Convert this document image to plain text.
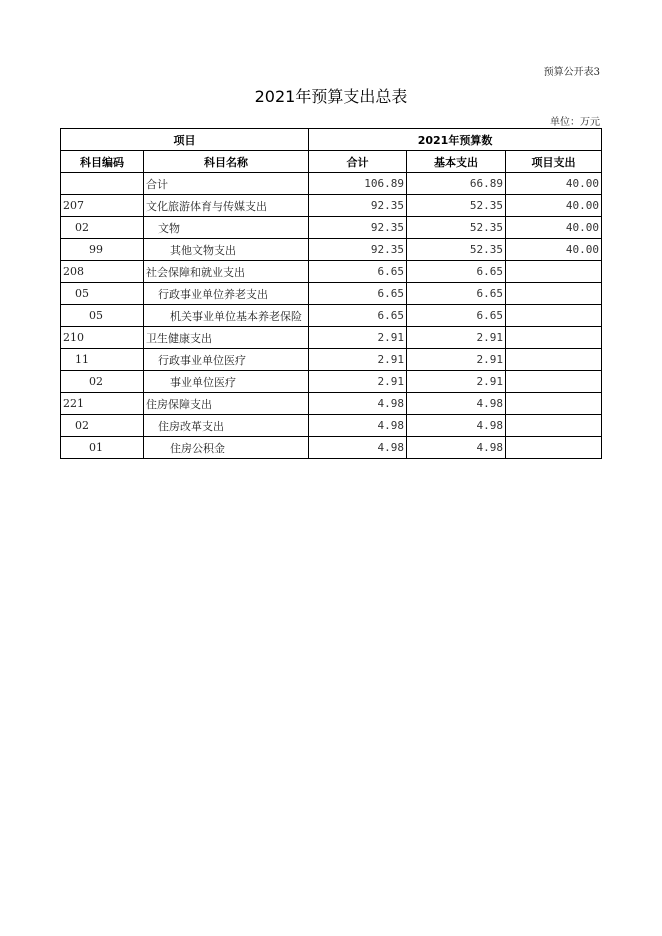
预算公开表3
2021年预算支出总表
单位：万元
项目		2021年预算数		
科目编码	科目名称	合计	基本支出	项目支出
	合计	106.89	66.89	40.00
207	文化旅游体育与传媒支出	92.35	52.35	40.00
02	文物	92.35	52.35	40.00
99	其他文物支出	92.35	52.35	40.00
208	社会保障和就业支出	6.65	6.65	
05	行政事业单位养老支出	6.65	6.65	
05	机关事业单位基本养老保险	6.65	6.65	
210	卫生健康支出	2.91	2.91	
11	行政事业单位医疗	2.91	2.91	
02	事业单位医疗	2.91	2.91	
221	住房保障支出	4.98	4.98	
02	住房改革支出	4.98	4.98	
01	住房公积金	4.98	4.98	
